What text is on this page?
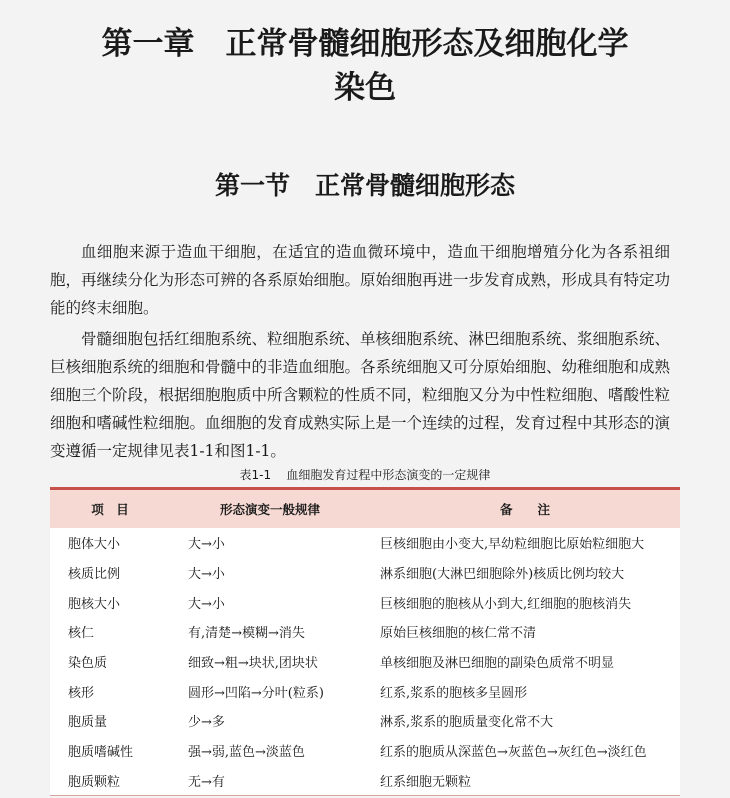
第一章　正常骨髓细胞形态及细胞化学
染色
第一节　正常骨髓细胞形态

血细胞来源于造血干细胞，在适宜的造血微环境中，造血干细胞增殖分化为各系祖细胞，再继续分化为形态可辨的各系原始细胞。原始细胞再进一步发育成熟，形成具有特定功能的终末细胞。

骨髓细胞包括红细胞系统、粒细胞系统、单核细胞系统、淋巴细胞系统、浆细胞系统、巨核细胞系统的细胞和骨髓中的非造血细胞。各系统细胞又可分原始细胞、幼稚细胞和成熟细胞三个阶段，根据细胞胞质中所含颗粒的性质不同，粒细胞又分为中性粒细胞、嗜酸性粒细胞和嗜碱性粒细胞。血细胞的发育成熟实际上是一个连续的过程，发育过程中其形态的演变遵循一定规律见表1-1和图1-1。

表1-1 血细胞发育过程中形态演变的一定规律
项　目	形态演变一般规律	备　　注
胞体大小	大→小	巨核细胞由小变大,早幼粒细胞比原始粒细胞大
核质比例	大→小	淋系细胞(大淋巴细胞除外)核质比例均较大
胞核大小	大→小	巨核细胞的胞核从小到大,红细胞的胞核消失
核仁	有,清楚→模糊→消失	原始巨核细胞的核仁常不清
染色质	细致→粗→块状,团块状	单核细胞及淋巴细胞的副染色质常不明显
核形	圆形→凹陷→分叶(粒系)	红系,浆系的胞核多呈圆形
胞质量	少→多	淋系,浆系的胞质量变化常不大
胞质嗜碱性	强→弱,蓝色→淡蓝色	红系的胞质从深蓝色→灰蓝色→灰红色→淡红色
胞质颗粒	无→有	红系细胞无颗粒
